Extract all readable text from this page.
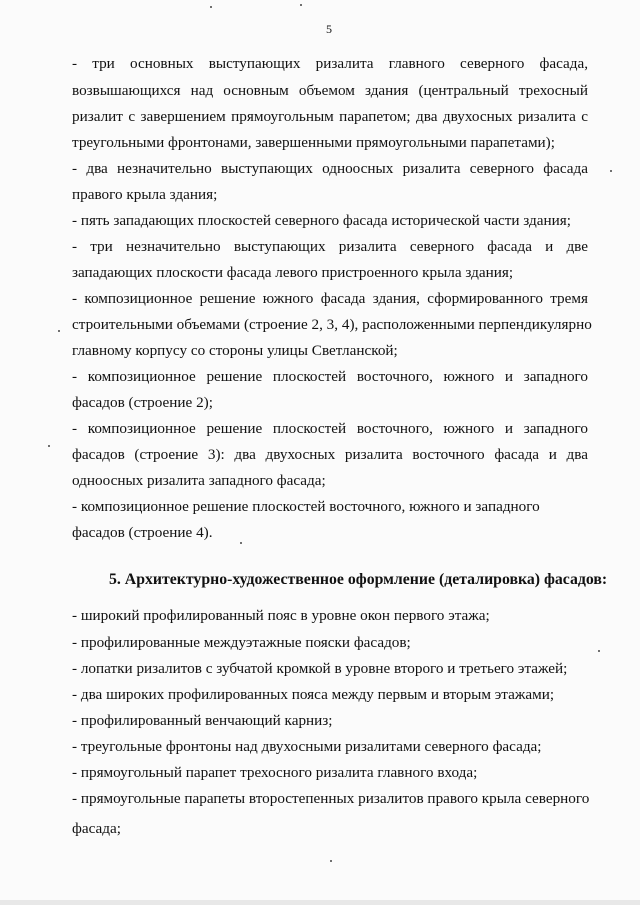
5
- три основных выступающих ризалита главного северного фасада,
возвышающихся над основным объемом здания (центральный трехосный
ризалит с завершением прямоугольным парапетом; два двухосных ризалита с
треугольными фронтонами, завершенными прямоугольными парапетами);
- два незначительно выступающих одноосных ризалита северного фасада
правого крыла здания;
- пять западающих плоскостей северного фасада исторической части здания;
- три незначительно выступающих ризалита северного фасада и две
западающих плоскости фасада левого пристроенного крыла здания;
- композиционное решение южного фасада здания, сформированного тремя
строительными объемами (строение 2, 3, 4), расположенными перпендикулярно
главному корпусу со стороны улицы Светланской;
- композиционное решение плоскостей восточного, южного и западного
фасадов (строение 2);
- композиционное решение плоскостей восточного, южного и западного
фасадов (строение 3): два двухосных ризалита восточного фасада и два
одноосных ризалита западного фасада;
- композиционное решение плоскостей восточного, южного и западного
фасадов (строение 4).
5. Архитектурно-художественное оформление (деталировка) фасадов:
- широкий профилированный пояс в уровне окон первого этажа;
- профилированные междуэтажные пояски фасадов;
- лопатки ризалитов с зубчатой кромкой в уровне второго и третьего этажей;
- два широких профилированных пояса между первым и вторым этажами;
- профилированный венчающий карниз;
- треугольные фронтоны над двухосными ризалитами северного фасада;
- прямоугольный парапет трехосного ризалита главного входа;
- прямоугольные парапеты второстепенных ризалитов правого крыла северного
фасада;
